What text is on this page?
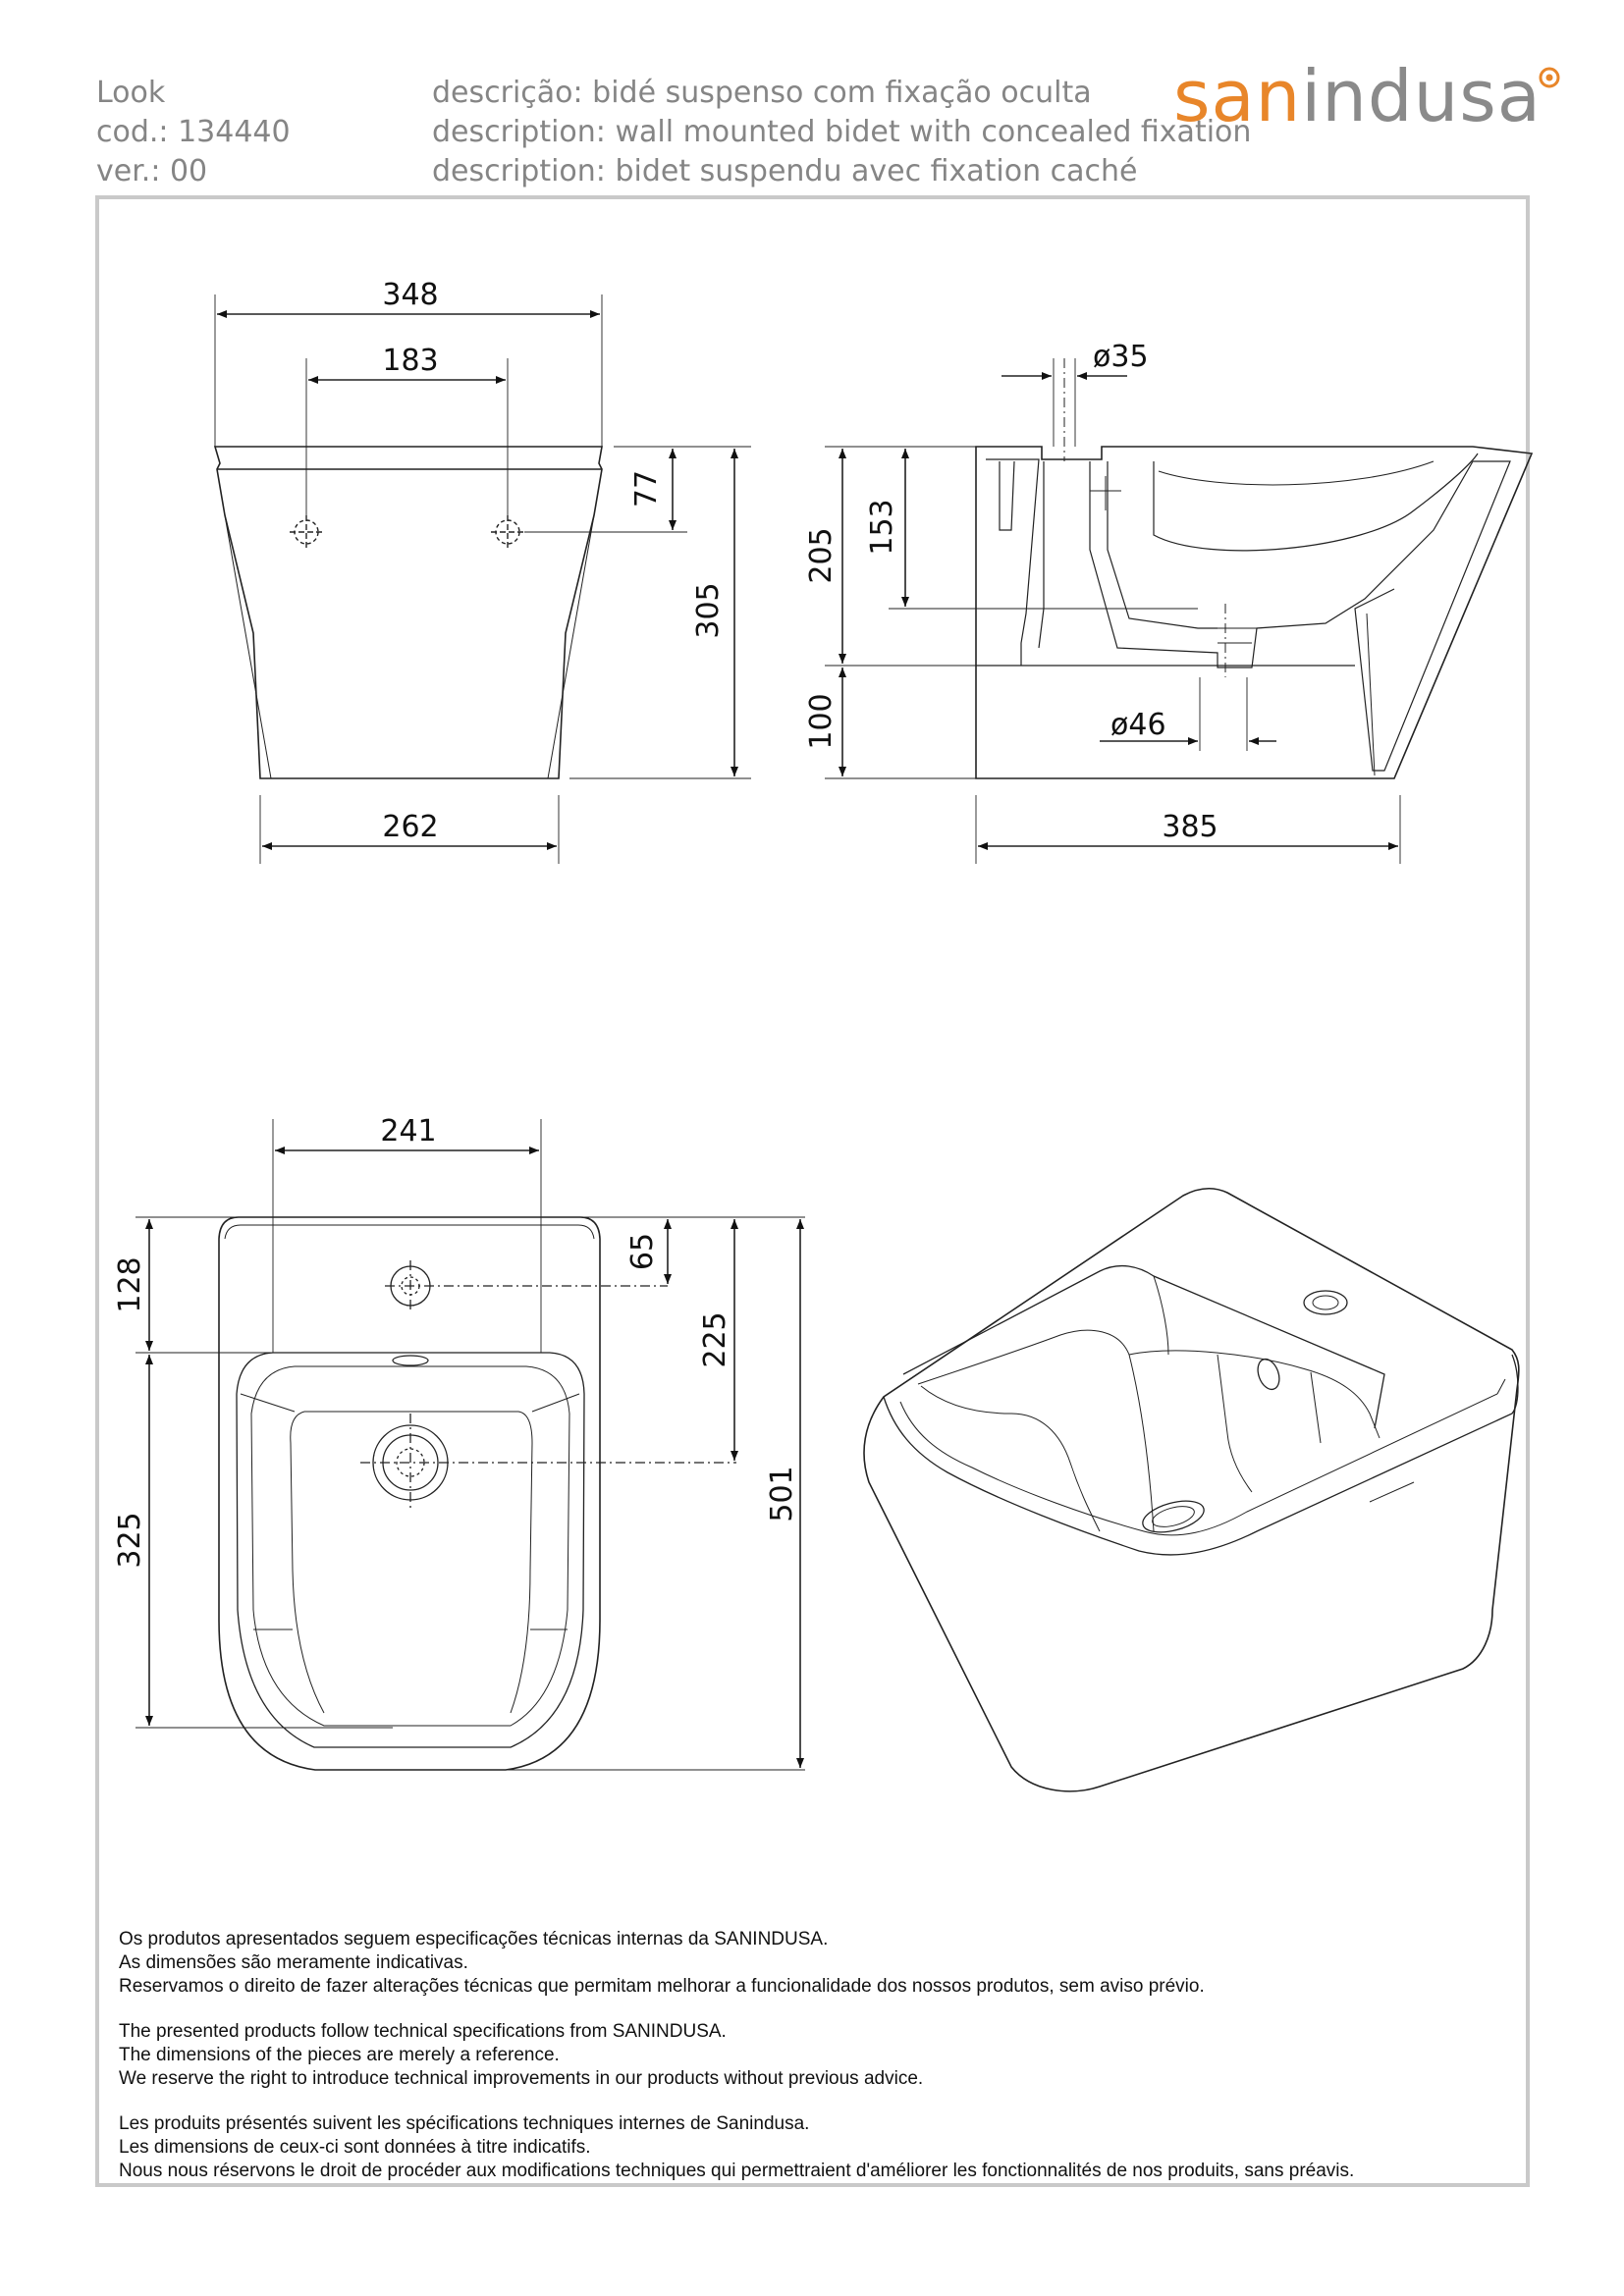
Look
cod.: 134440
ver.: 00
descrição: bidé suspenso com fixação oculta
description: wall mounted bidet with concealed fixation
description: bidet suspendu avec fixation caché
sanindusa
348
183
77
305
262
ø35
205
153
100	ø46
385
241
65
225
501
128
325

Os produtos apresentados seguem especificações técnicas internas da SANINDUSA.
As dimensões são meramente indicativas.
Reservamos o direito de fazer alterações técnicas que permitam melhorar a funcionalidade dos nossos produtos, sem aviso prévio.

The presented products follow technical specifications from SANINDUSA.
The dimensions of the pieces are merely a reference.
We reserve the right to introduce technical improvements in our products without previous advice.

Les produits présentés suivent les spécifications techniques internes de Sanindusa.
Les dimensions de ceux-ci sont données à titre indicatifs.
Nous nous réservons le droit de procéder aux modifications techniques qui permettraient d'améliorer les fonctionnalités de nos produits, sans préavis.
